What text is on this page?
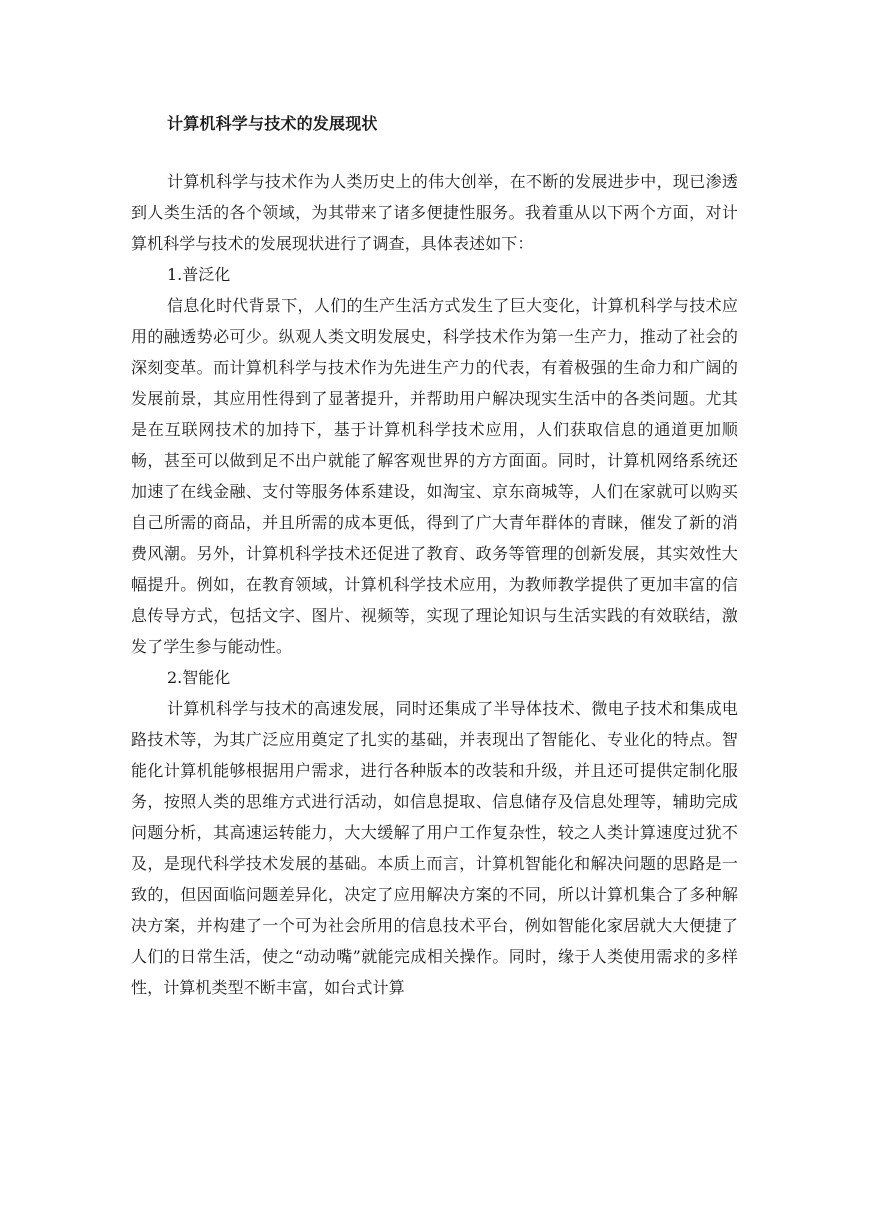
计算机科学与技术的发展现状

计算机科学与技术作为人类历史上的伟大创举，在不断的发展进步中，现已渗透到人类生活的各个领域，为其带来了诸多便捷性服务。我着重从以下两个方面，对计算机科学与技术的发展现状进行了调查，具体表述如下：

1.普泛化

信息化时代背景下，人们的生产生活方式发生了巨大变化，计算机科学与技术应用的融透势必可少。纵观人类文明发展史，科学技术作为第一生产力，推动了社会的深刻变革。而计算机科学与技术作为先进生产力的代表，有着极强的生命力和广阔的发展前景，其应用性得到了显著提升，并帮助用户解决现实生活中的各类问题。尤其是在互联网技术的加持下，基于计算机科学技术应用，人们获取信息的通道更加顺畅，甚至可以做到足不出户就能了解客观世界的方方面面。同时，计算机网络系统还加速了在线金融、支付等服务体系建设，如淘宝、京东商城等，人们在家就可以购买自己所需的商品，并且所需的成本更低，得到了广大青年群体的青睐，催发了新的消费风潮。另外，计算机科学技术还促进了教育、政务等管理的创新发展，其实效性大幅提升。例如，在教育领域，计算机科学技术应用，为教师教学提供了更加丰富的信息传导方式，包括文字、图片、视频等，实现了理论知识与生活实践的有效联结，激发了学生参与能动性。

2.智能化

计算机科学与技术的高速发展，同时还集成了半导体技术、微电子技术和集成电路技术等，为其广泛应用奠定了扎实的基础，并表现出了智能化、专业化的特点。智能化计算机能够根据用户需求，进行各种版本的改装和升级，并且还可提供定制化服务，按照人类的思维方式进行活动，如信息提取、信息储存及信息处理等，辅助完成问题分析，其高速运转能力，大大缓解了用户工作复杂性，较之人类计算速度过犹不及，是现代科学技术发展的基础。本质上而言，计算机智能化和解决问题的思路是一致的，但因面临问题差异化，决定了应用解决方案的不同，所以计算机集合了多种解决方案，并构建了一个可为社会所用的信息技术平台，例如智能化家居就大大便捷了人们的日常生活，使之“动动嘴”就能完成相关操作。同时，缘于人类使用需求的多样性，计算机类型不断丰富，如台式计算
